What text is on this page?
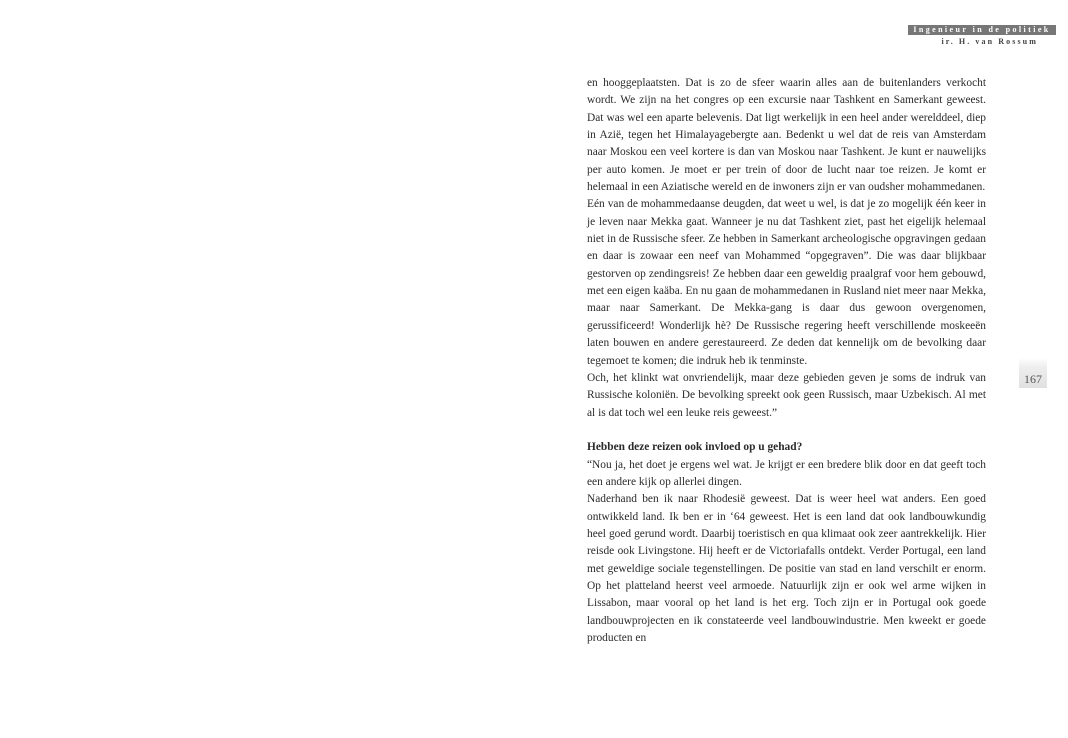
Ingenieur in de politiek
ir. H. van Rossum
167

en hooggeplaatsten. Dat is zo de sfeer waarin alles aan de buitenlanders verkocht wordt. We zijn na het congres op een excursie naar Tashkent en Samerkant geweest. Dat was wel een aparte belevenis. Dat ligt werkelijk in een heel ander werelddeel, diep in Azië, tegen het Himalayagebergte aan. Bedenkt u wel dat de reis van Amsterdam naar Moskou een veel kortere is dan van Moskou naar Tashkent. Je kunt er nauwelijks per auto komen. Je moet er per trein of door de lucht naar toe reizen. Je komt er helemaal in een Aziatische wereld en de inwoners zijn er van oudsher mohammedanen.

Eén van de mohammedaanse deugden, dat weet u wel, is dat je zo mogelijk één keer in je leven naar Mekka gaat. Wanneer je nu dat Tashkent ziet, past het eigelijk helemaal niet in de Russische sfeer. Ze hebben in Samerkant archeologische opgravingen gedaan en daar is zowaar een neef van Mohammed “opgegraven”. Die was daar blijkbaar gestorven op zendingsreis! Ze hebben daar een geweldig praalgraf voor hem gebouwd, met een eigen kaäba. En nu gaan de mohammedanen in Rusland niet meer naar Mekka, maar naar Samerkant. De Mekka-gang is daar dus gewoon overgenomen, gerussificeerd! Wonderlijk hè? De Russische regering heeft verschillende moskeeën laten bouwen en andere gerestaureerd. Ze deden dat kennelijk om de bevolking daar tegemoet te komen; die indruk heb ik tenminste.

Och, het klinkt wat onvriendelijk, maar deze gebieden geven je soms de indruk van Russische koloniën. De bevolking spreekt ook geen Russisch, maar Uzbekisch. Al met al is dat toch wel een leuke reis geweest.”

Hebben deze reizen ook invloed op u gehad?

“Nou ja, het doet je ergens wel wat. Je krijgt er een bredere blik door en dat geeft toch een andere kijk op allerlei dingen.

Naderhand ben ik naar Rhodesië geweest. Dat is weer heel wat anders. Een goed ontwikkeld land. Ik ben er in ‘64 geweest. Het is een land dat ook landbouwkundig heel goed gerund wordt. Daarbij toeristisch en qua klimaat ook zeer aantrekkelijk. Hier reisde ook Livingstone. Hij heeft er de Victoriafalls ontdekt. Verder Portugal, een land met geweldige sociale tegenstellingen. De positie van stad en land verschilt er enorm. Op het platteland heerst veel armoede. Natuurlijk zijn er ook wel arme wijken in Lissabon, maar vooral op het land is het erg. Toch zijn er in Portugal ook goede landbouwprojecten en ik constateerde veel landbouwindustrie. Men kweekt er goede producten en
